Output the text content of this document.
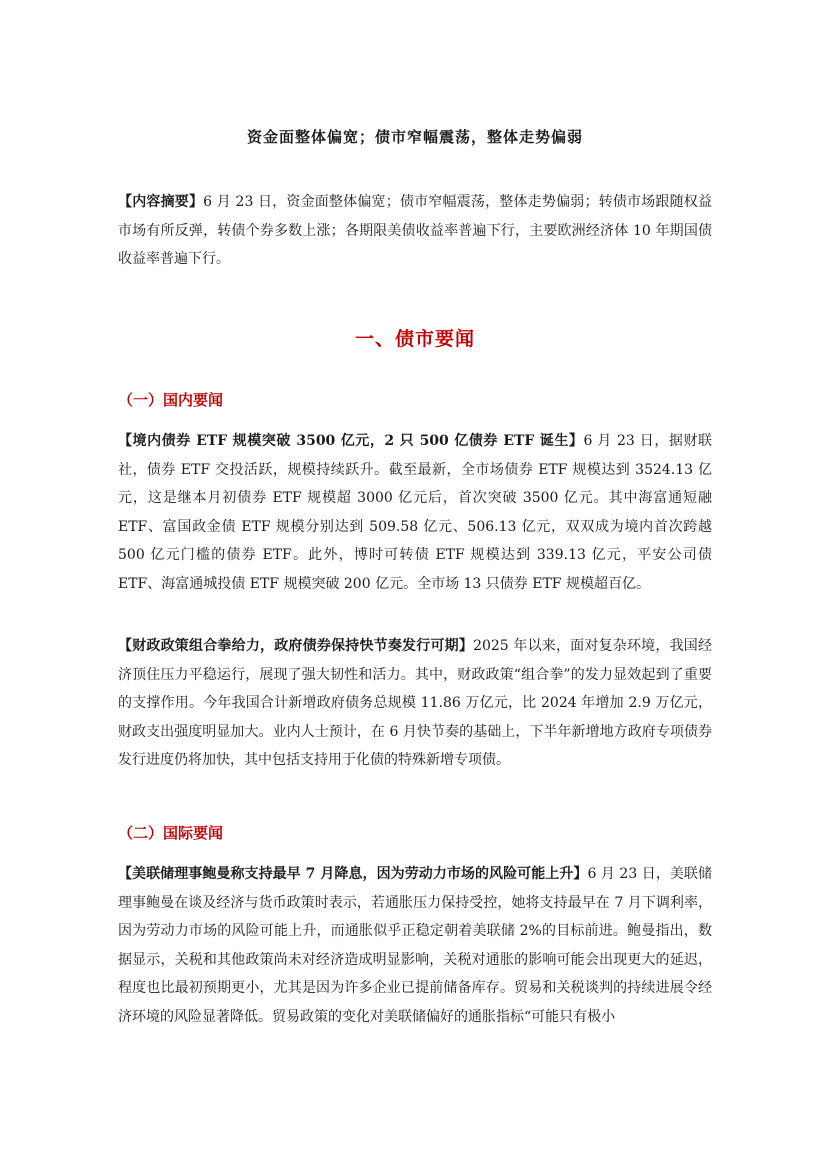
资金面整体偏宽；债市窄幅震荡，整体走势偏弱

【内容摘要】6 月 23 日，资金面整体偏宽；债市窄幅震荡，整体走势偏弱；转债市场跟随权益市场有所反弹，转债个券多数上涨；各期限美债收益率普遍下行，主要欧洲经济体 10 年期国债收益率普遍下行。

一、债市要闻
（一）国内要闻

【境内债券 ETF 规模突破 3500 亿元，2 只 500 亿债券 ETF 诞生】6 月 23 日，据财联社，债券 ETF 交投活跃，规模持续跃升。截至最新，全市场债券 ETF 规模达到 3524.13 亿元，这是继本月初债券 ETF 规模超 3000 亿元后，首次突破 3500 亿元。其中海富通短融 ETF、富国政金债 ETF 规模分别达到 509.58 亿元、506.13 亿元，双双成为境内首次跨越 500 亿元门槛的债券 ETF。此外，博时可转债 ETF 规模达到 339.13 亿元，平安公司债 ETF、海富通城投债 ETF 规模突破 200 亿元。全市场 13 只债券 ETF 规模超百亿。

【财政政策组合拳给力，政府债券保持快节奏发行可期】2025 年以来，面对复杂环境，我国经济顶住压力平稳运行，展现了强大韧性和活力。其中，财政政策“组合拳”的发力显效起到了重要的支撑作用。今年我国合计新增政府债务总规模 11.86 万亿元，比 2024 年增加 2.9 万亿元，财政支出强度明显加大。业内人士预计，在 6 月快节奏的基础上，下半年新增地方政府专项债券发行进度仍将加快，其中包括支持用于化债的特殊新增专项债。

（二）国际要闻

【美联储理事鲍曼称支持最早 7 月降息，因为劳动力市场的风险可能上升】6 月 23 日，美联储理事鲍曼在谈及经济与货币政策时表示，若通胀压力保持受控，她将支持最早在 7 月下调利率，因为劳动力市场的风险可能上升，而通胀似乎正稳定朝着美联储 2%的目标前进。鲍曼指出，数据显示，关税和其他政策尚未对经济造成明显影响，关税对通胀的影响可能会出现更大的延迟，程度也比最初预期更小，尤其是因为许多企业已提前储备库存。贸易和关税谈判的持续进展令经济环境的风险显著降低。贸易政策的变化对美联储偏好的通胀指标“可能只有极小
